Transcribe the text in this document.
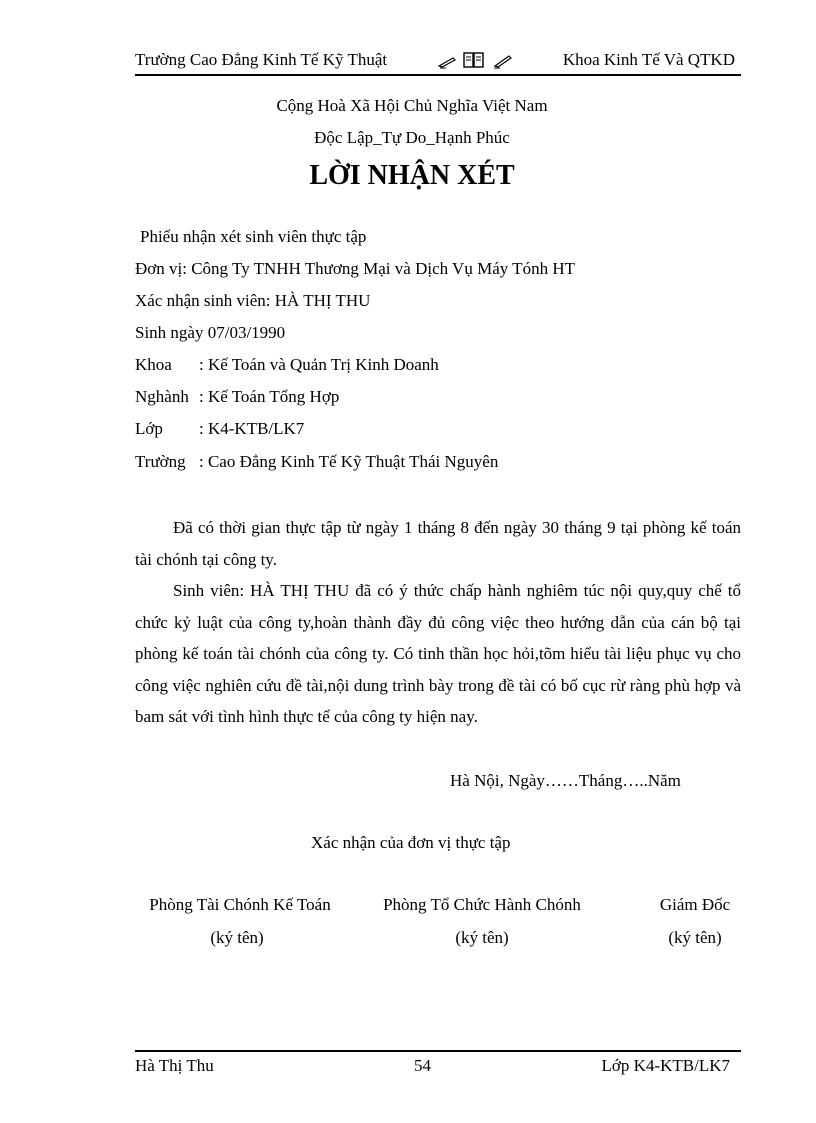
Trường Cao Đẳng Kinh Tế Kỹ Thuật	Khoa Kinh Tế Và QTKD
Cộng Hoà Xã Hội Chủ Nghĩa Việt Nam
Độc Lập_Tự Do_Hạnh Phúc
LỜI NHẬN XÉT
Phiếu nhận xét sinh viên thực tập
Đơn vị: Công Ty TNHH Thương Mại và Dịch Vụ Máy Tónh HT
Xác nhận sinh viên: HÀ THỊ THU
Sinh ngày 07/03/1990
Khoa : Kế Toán và Quản Trị Kinh Doanh
Nghành : Kế Toán Tổng Hợp
Lớp : K4-KTB/LK7
Trường : Cao Đẳng Kinh Tế Kỹ Thuật Thái Nguyên

Đã có thời gian thực tập từ ngày 1 tháng 8 đến ngày 30 tháng 9 tại phòng kế toán tài chónh tại công ty.

Sinh viên: HÀ THỊ THU đã có ý thức chấp hành nghiêm túc nội quy,quy chế tổ chức kỷ luật của công ty,hoàn thành đầy đủ công việc theo hướng dẫn của cán bộ tại phòng kế toán tài chónh của công ty. Có tinh thần học hỏi,tõm hiểu tài liệu phục vụ cho công việc nghiên cứu đề tài,nội dung trình bày trong đề tài có bố cục rừ ràng phù hợp và bam sát với tình hình thực tế của công ty hiện nay.

Hà Nội, Ngày……Tháng…..Năm
Xác nhận của đơn vị thực tập
Phòng Tài Chónh Kế Toán
(ký tên)
Phòng Tổ Chức Hành Chónh
(ký tên)
Giám Đốc
(ký tên)
Hà Thị Thu	54	Lớp K4-KTB/LK7
